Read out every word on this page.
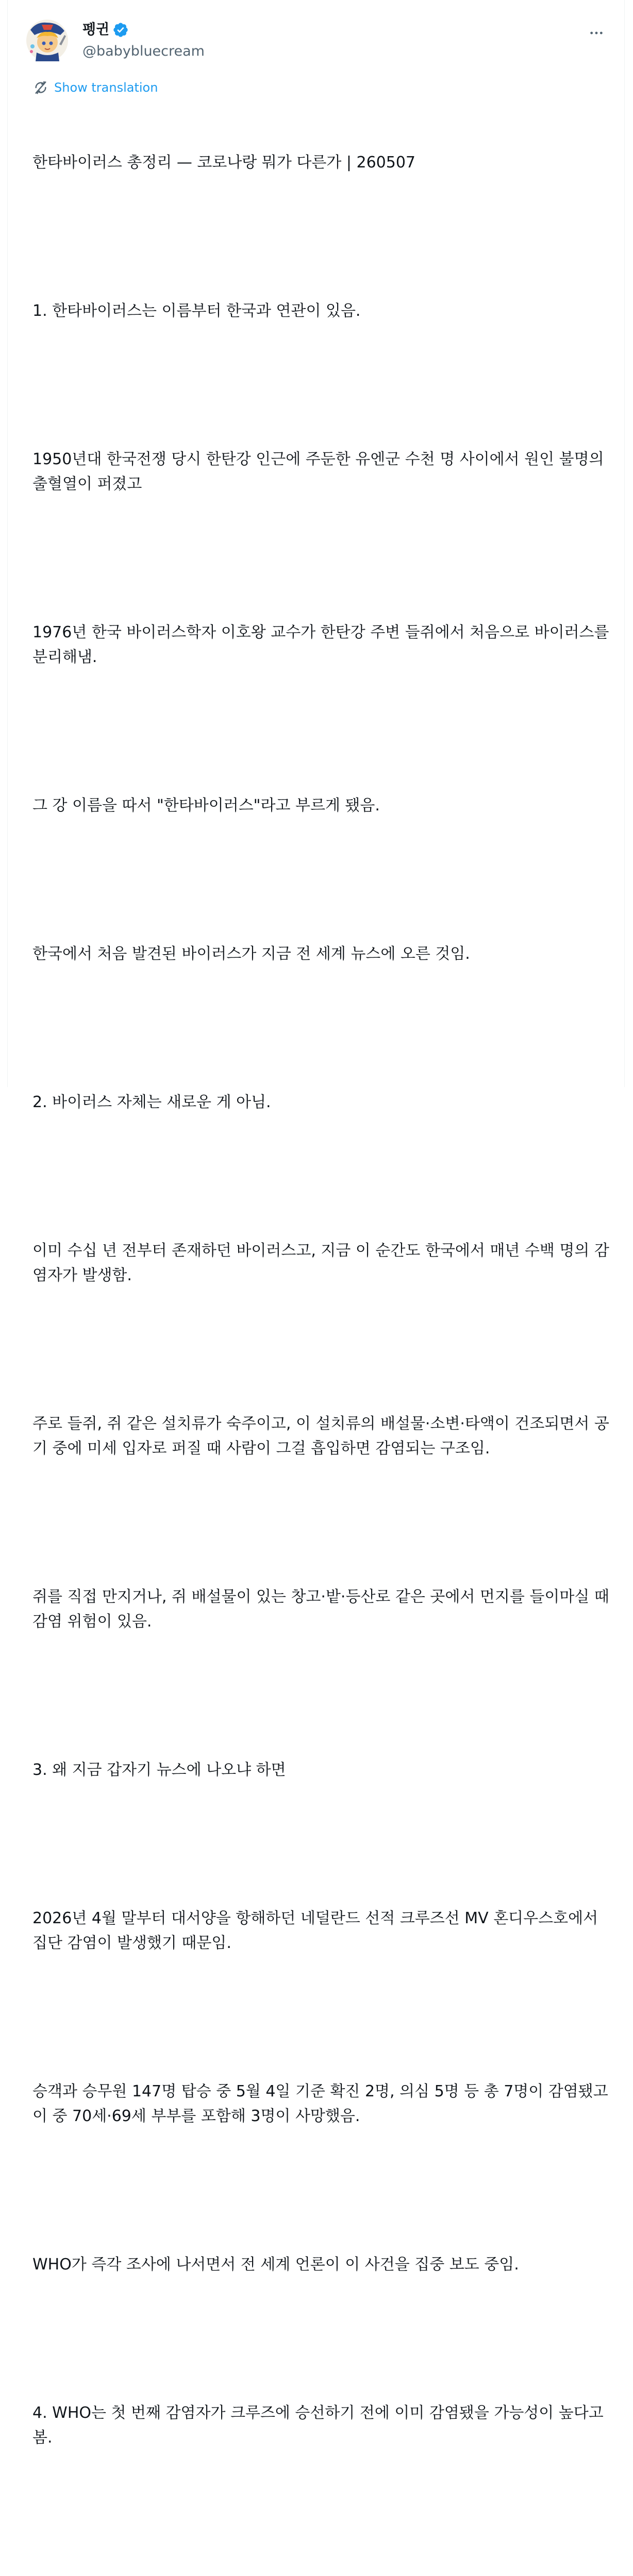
펭귄
@babybluecream
Show translation

한타바이러스 총정리 — 코로나랑 뭐가 다른가 | 260507

1. 한타바이러스는 이름부터 한국과 연관이 있음.

1950년대 한국전쟁 당시 한탄강 인근에 주둔한 유엔군 수천 명 사이에서 원인 불명의
출혈열이 퍼졌고

1976년 한국 바이러스학자 이호왕 교수가 한탄강 주변 들쥐에서 처음으로 바이러스를
분리해냄.

그 강 이름을 따서 "한타바이러스"라고 부르게 됐음.

한국에서 처음 발견된 바이러스가 지금 전 세계 뉴스에 오른 것임.

2. 바이러스 자체는 새로운 게 아님.

이미 수십 년 전부터 존재하던 바이러스고, 지금 이 순간도 한국에서 매년 수백 명의 감
염자가 발생함.

주로 들쥐, 쥐 같은 설치류가 숙주이고, 이 설치류의 배설물·소변·타액이 건조되면서 공
기 중에 미세 입자로 퍼질 때 사람이 그걸 흡입하면 감염되는 구조임.

쥐를 직접 만지거나, 쥐 배설물이 있는 창고·밭·등산로 같은 곳에서 먼지를 들이마실 때
감염 위험이 있음.

3. 왜 지금 갑자기 뉴스에 나오냐 하면

2026년 4월 말부터 대서양을 항해하던 네덜란드 선적 크루즈선 MV 혼디우스호에서
집단 감염이 발생했기 때문임.

승객과 승무원 147명 탑승 중 5월 4일 기준 확진 2명, 의심 5명 등 총 7명이 감염됐고
이 중 70세·69세 부부를 포함해 3명이 사망했음.

WHO가 즉각 조사에 나서면서 전 세계 언론이 이 사건을 집중 보도 중임.

4. WHO는 첫 번째 감염자가 크루즈에 승선하기 전에 이미 감염됐을 가능성이 높다고
봄.
